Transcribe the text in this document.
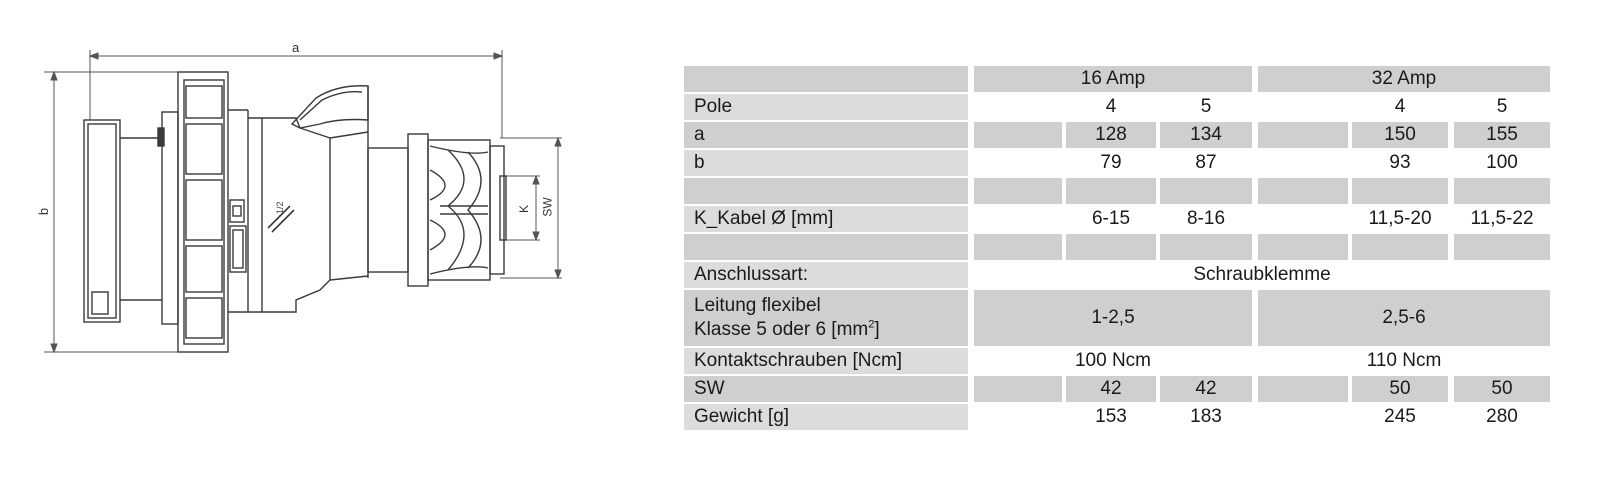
1/2
a
b	K SW
16 Amp	32 Amp
Pole	4	5	4	5
a	128	134	150	155
b	79	87	93	100
K_Kabel Ø [mm]	6-15	8-16	11,5-20	11,5-22
Anschlussart:	Schraubklemme
Leitung flexibel
Klasse 5 oder 6 $[mm^2]$
1-2,5	2,5-6
Kontaktschrauben [Ncm]	100 Ncm	110 Ncm
SW	42	42	50	50
Gewicht [g]	153	183	245	280
